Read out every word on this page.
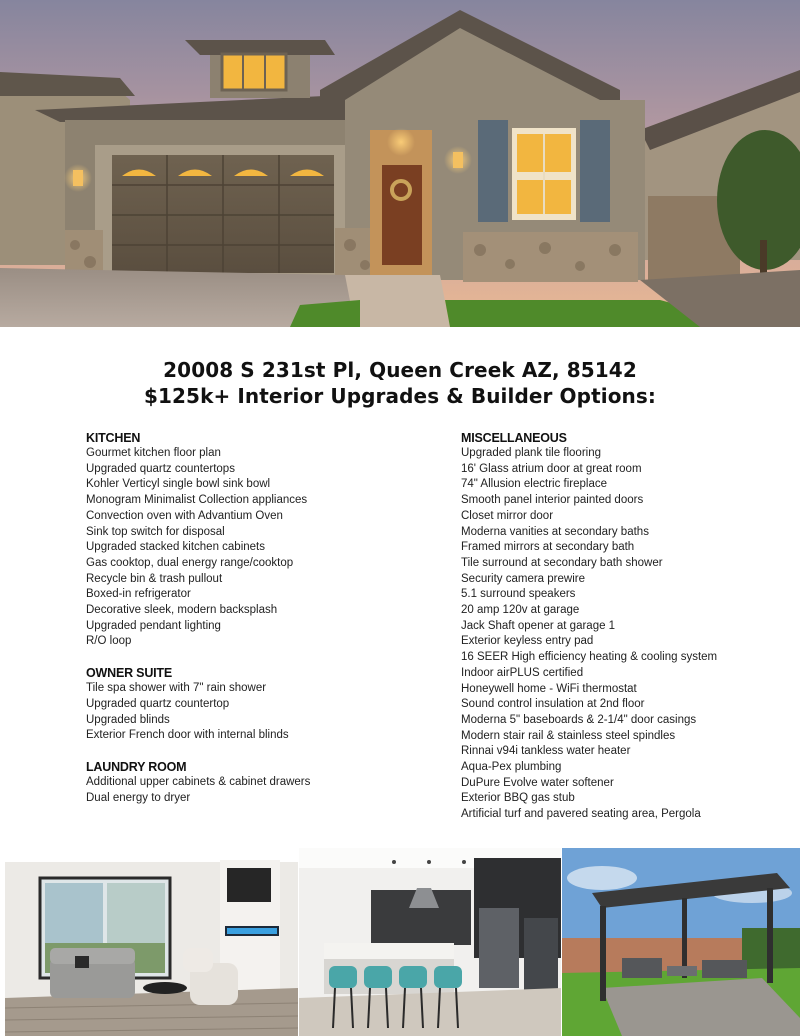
20008 S 231st Pl, Queen Creek AZ, 85142
$125k+ Interior Upgrades & Builder Options:
KITCHEN
Gourmet kitchen floor plan
Upgraded quartz countertops
Kohler Verticyl single bowl sink bowl
Monogram Minimalist Collection appliances
Convection oven with Advantium Oven
Sink top switch for disposal
Upgraded stacked kitchen cabinets
Gas cooktop, dual energy range/cooktop
Recycle bin & trash pullout
Boxed-in refrigerator
Decorative sleek, modern backsplash
Upgraded pendant lighting
R/O loop
OWNER SUITE
Tile spa shower with 7" rain shower
Upgraded quartz countertop
Upgraded blinds
Exterior French door with internal blinds
LAUNDRY ROOM
Additional upper cabinets & cabinet drawers
Dual energy to dryer
MISCELLANEOUS
Upgraded plank tile flooring
16' Glass atrium door at great room
74" Allusion electric fireplace
Smooth panel interior painted doors
Closet mirror door
Moderna vanities at secondary baths
Framed mirrors at secondary bath
Tile surround at secondary bath shower
Security camera prewire
5.1 surround speakers
20 amp 120v at garage
Jack Shaft opener at garage 1
Exterior keyless entry pad
16 SEER High efficiency heating & cooling system
Indoor airPLUS certified
Honeywell home - WiFi thermostat
Sound control insulation at 2nd floor
Moderna 5" baseboards & 2-1/4" door casings
Modern stair rail & stainless steel spindles
Rinnai v94i tankless water heater
Aqua-Pex plumbing
DuPure Evolve water softener
Exterior BBQ gas stub
Artificial turf and pavered seating area, Pergola
